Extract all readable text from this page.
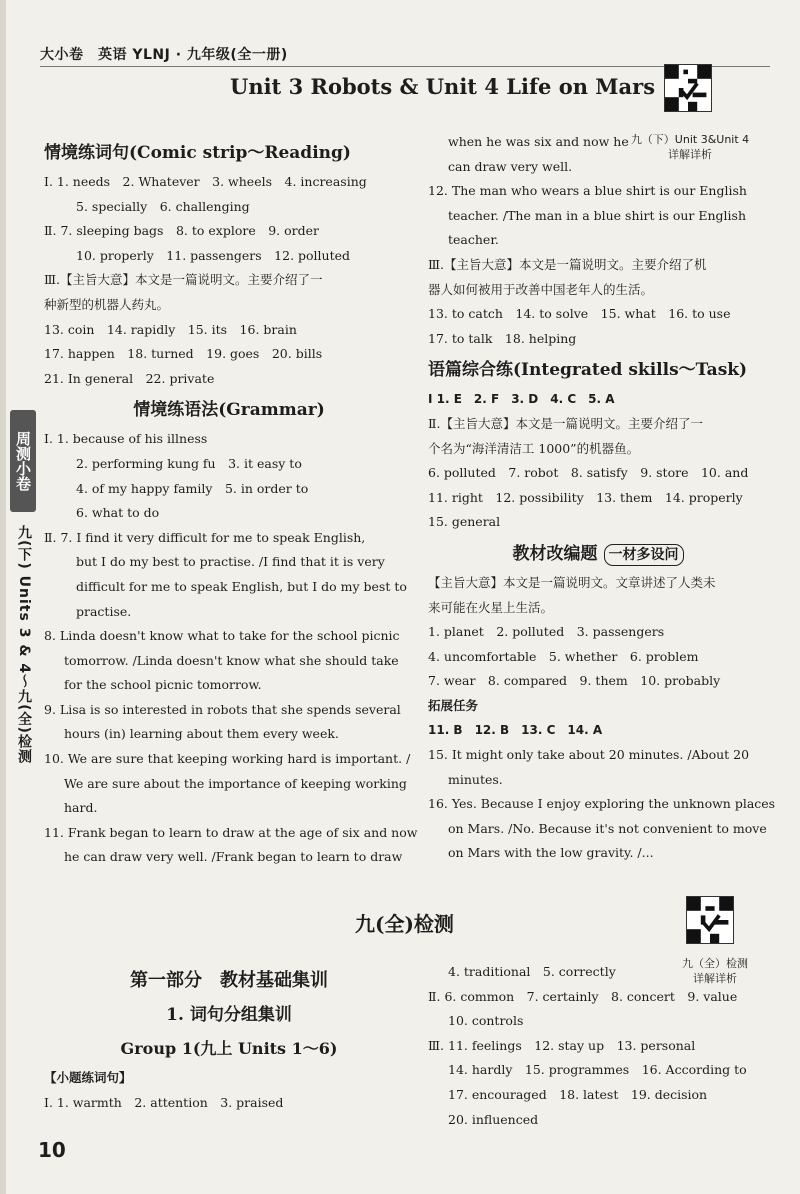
大小卷　英语 YLNJ · 九年级(全一册)
Unit 3 Robots & Unit 4 Life on Mars
九（下）Unit 3&Unit 4
详解详析
周测小卷
九(下) Units 3 & 4～九(全)检测
情境练词句(Comic strip～Reading)
Ⅰ. 1. needs　2. Whatever　3. wheels　4. increasing
5. specially　6. challenging
Ⅱ. 7. sleeping bags　8. to explore　9. order
10. properly　11. passengers　12. polluted
Ⅲ.【主旨大意】本文是一篇说明文。主要介绍了一
种新型的机器人药丸。
13. coin　14. rapidly　15. its　16. brain
17. happen　18. turned　19. goes　20. bills
21. In general　22. private
情境练语法(Grammar)
Ⅰ. 1. because of his illness
2. performing kung fu　3. it easy to
4. of my happy family　5. in order to
6. what to do
Ⅱ. 7. I find it very difficult for me to speak English,
but I do my best to practise. /I find that it is very
difficult for me to speak English, but I do my best to
practise.
8. Linda doesn't know what to take for the school picnic
tomorrow. /Linda doesn't know what she should take
for the school picnic tomorrow.
9. Lisa is so interested in robots that she spends several
hours (in) learning about them every week.
10. We are sure that keeping working hard is important. /
We are sure about the importance of keeping working
hard.
11. Frank began to learn to draw at the age of six and now
he can draw very well. /Frank began to learn to draw
when he was six and now he
can draw very well.
12. The man who wears a blue shirt is our English
teacher. /The man in a blue shirt is our English
teacher.
Ⅲ.【主旨大意】本文是一篇说明文。主要介绍了机
器人如何被用于改善中国老年人的生活。
13. to catch　14. to solve　15. what　16. to use
17. to talk　18. helping
语篇综合练(Integrated skills～Task)
Ⅰ 1. E　2. F　3. D　4. C　5. A
Ⅱ.【主旨大意】本文是一篇说明文。主要介绍了一
个名为“海洋清洁工 1000”的机器鱼。
6. polluted　7. robot　8. satisfy　9. store　10. and
11. right　12. possibility　13. them　14. properly
15. general
教材改编题 一材多设问
【主旨大意】本文是一篇说明文。文章讲述了人类未
来可能在火星上生活。
1. planet　2. polluted　3. passengers
4. uncomfortable　5. whether　6. problem
7. wear　8. compared　9. them　10. probably
拓展任务
11. B　12. B　13. C　14. A
15. It might only take about 20 minutes. /About 20
minutes.
16. Yes. Because I enjoy exploring the unknown places
on Mars. /No. Because it's not convenient to move
on Mars with the low gravity. /...
九(全)检测
九（全）检测
详解详析
第一部分　教材基础集训
1. 词句分组集训
Group 1(九上 Units 1～6)
【小题练词句】
Ⅰ. 1. warmth　2. attention　3. praised
4. traditional　5. correctly
Ⅱ. 6. common　7. certainly　8. concert　9. value
10. controls
Ⅲ. 11. feelings　12. stay up　13. personal
14. hardly　15. programmes　16. According to
17. encouraged　18. latest　19. decision
20. influenced
10
